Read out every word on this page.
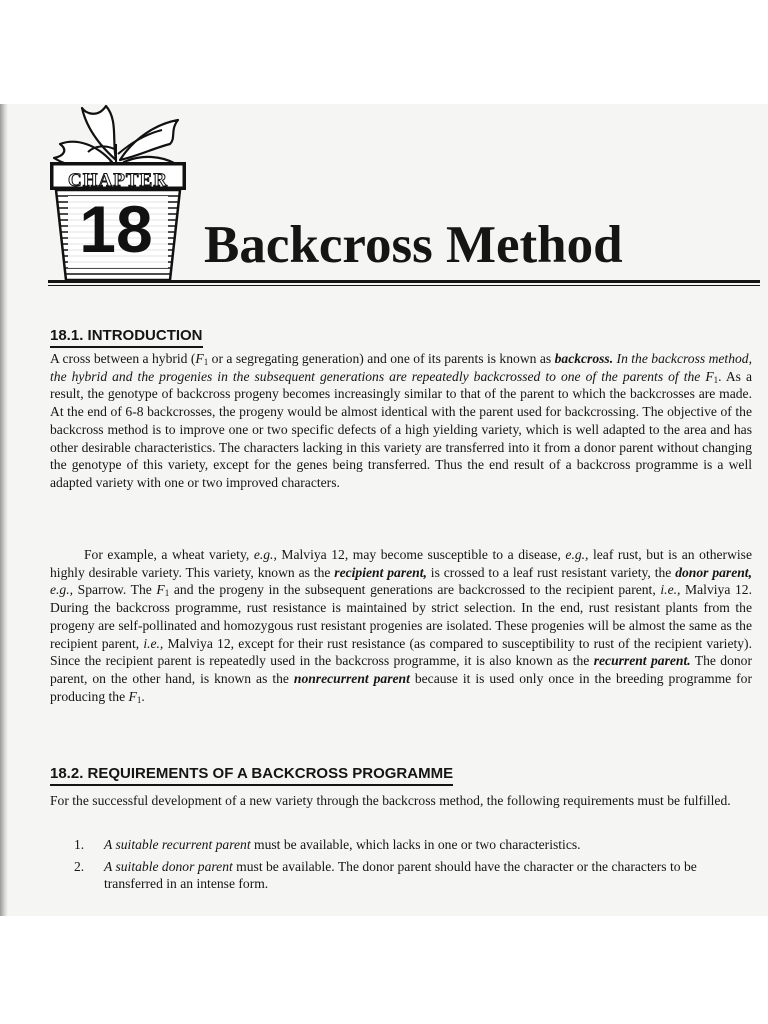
CHAPTER
18 Backcross Method
18.1. INTRODUCTION
A cross between a hybrid ($F_1$ or a segregating generation) and one of its parents is known as backcross. In the backcross method, the hybrid and the progenies in the subsequent generations are repeatedly backcrossed to one of the parents of the $F_1$. As a result, the genotype of backcross progeny becomes increasingly similar to that of the parent to which the backcrosses are made. At the end of 6-8 backcrosses, the progeny would be almost identical with the parent used for backcrossing. The objective of the backcross method is to improve one or two specific defects of a high yielding variety, which is well adapted to the area and has other desirable characteristics. The characters lacking in this variety are transferred into it from a donor parent without changing the genotype of this variety, except for the genes being transferred. Thus the end result of a backcross programme is a well adapted variety with one or two improved characters.
For example, a wheat variety, e.g., Malviya 12, may become susceptible to a disease, e.g., leaf rust, but is an otherwise highly desirable variety. This variety, known as the recipient parent, is crossed to a leaf rust resistant variety, the donor parent, e.g., Sparrow. The $F_1$ and the progeny in the subsequent generations are backcrossed to the recipient parent, i.e., Malviya 12. During the backcross programme, rust resistance is maintained by strict selection. In the end, rust resistant plants from the progeny are self-pollinated and homozygous rust resistant progenies are isolated. These progenies will be almost the same as the recipient parent, i.e., Malviya 12, except for their rust resistance (as compared to susceptibility to rust of the recipient variety). Since the recipient parent is repeatedly used in the backcross programme, it is also known as the recurrent parent. The donor parent, on the other hand, is known as the nonrecurrent parent because it is used only once in the breeding programme for producing the $F_1$.
18.2. REQUIREMENTS OF A BACKCROSS PROGRAMME
For the successful development of a new variety through the backcross method, the following requirements must be fulfilled.
1. A suitable recurrent parent must be available, which lacks in one or two characteristics.
2. A suitable donor parent must be available. The donor parent should have the character or the characters to be transferred in an intense form.
